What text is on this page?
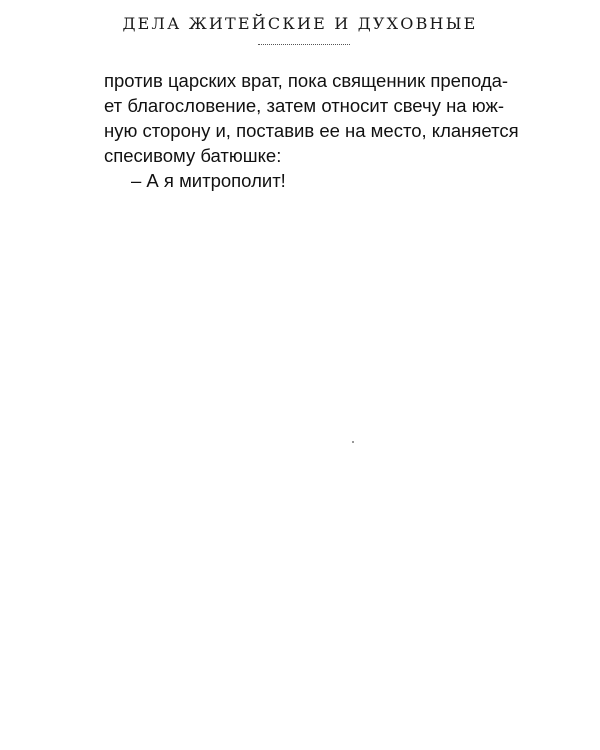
ДЕЛА ЖИТЕЙСКИЕ И ДУХОВНЫЕ
против царских врат, пока священник препода-
ет благословение, затем относит свечу на юж-
ную сторону и, поставив ее на место, кланяется
спесивому батюшке:
– А я митрополит!
